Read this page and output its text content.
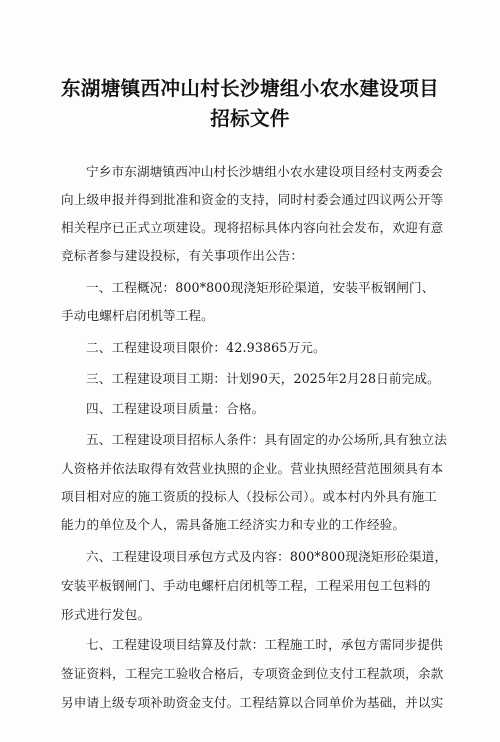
东湖塘镇西冲山村长沙塘组小农水建设项目
招标文件

宁乡市东湖塘镇西冲山村长沙塘组小农水建设项目经村支两委会

向上级申报并得到批准和资金的支持，同时村委会通过四议两公开等

相关程序已正式立项建设。现将招标具体内容向社会发布，欢迎有意

竞标者参与建设投标，有关事项作出公告：

一、工程概况：800*800现浇矩形砼渠道，安装平板钢闸门、

手动电螺杆启闭机等工程。

二、工程建设项目限价：42.93865万元。

三、工程建设项目工期：计划90天，2025年2月28日前完成。

四、工程建设项目质量：合格。

五、工程建设项目招标人条件：具有固定的办公场所,具有独立法

人资格并依法取得有效营业执照的企业。营业执照经营范围须具有本

项目相对应的施工资质的投标人（投标公司）。或本村内外具有施工

能力的单位及个人，需具备施工经济实力和专业的工作经验。

六、工程建设项目承包方式及内容：800*800现浇矩形砼渠道，

安装平板钢闸门、手动电螺杆启闭机等工程，工程采用包工包料的

形式进行发包。

七、工程建设项目结算及付款：工程施工时，承包方需同步提供

签证资料，工程完工验收合格后，专项资金到位支付工程款项，余款

另申请上级专项补助资金支付。工程结算以合同单价为基础，并以实
